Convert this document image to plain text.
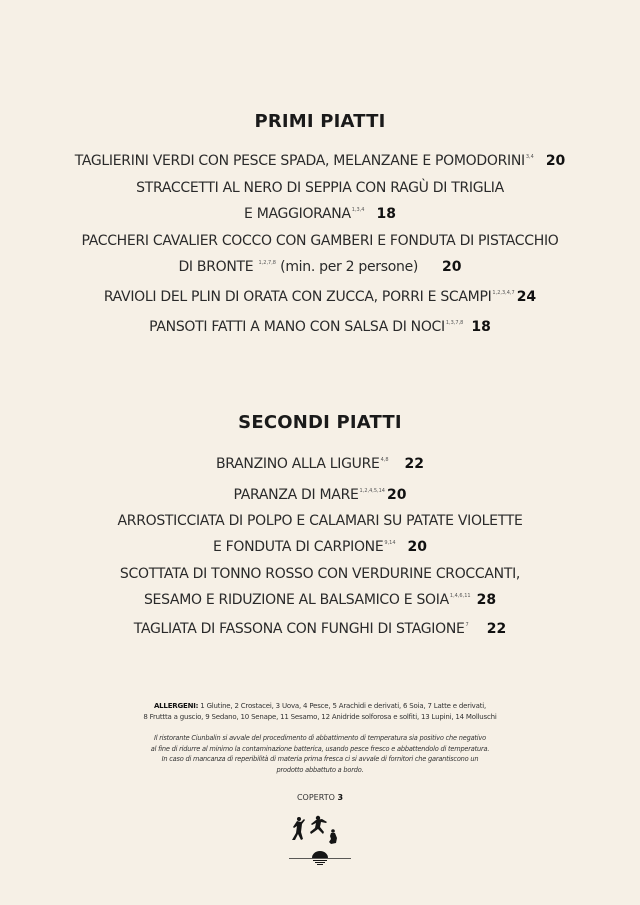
PRIMI PIATTI
TAGLIERINI VERDI CON PESCE SPADA, MELANZANE E POMODORINI$^{3,4}$ 20
STRACCETTI AL NERO DI SEPPIA CON RAGÙ DI TRIGLIA
E MAGGIORANA$^{1,3,4}$ 18
PACCHERI CAVALIER COCCO CON GAMBERI E FONDUTA DI PISTACCHIO
DI BRONTE $^{1,2,7,8}$ (min. per 2 persone) 20
RAVIOLI DEL PLIN DI ORATA CON ZUCCA, PORRI E SCAMPI$^{1,2,3,4,7}$ 24
PANSOTI FATTI A MANO CON SALSA DI NOCI$^{1,3,7,8}$ 18
SECONDI PIATTI
BRANZINO ALLA LIGURE$^{4,8}$ 22
PARANZA DI MARE$^{1,2,4,5,14}$ 20
ARROSTICCIATA DI POLPO E CALAMARI SU PATATE VIOLETTE
E FONDUTA DI CARPIONE$^{9,14}$ 20
SCOTTATA DI TONNO ROSSO CON VERDURINE CROCCANTI,
SESAMO E RIDUZIONE AL BALSAMICO E SOIA$^{1,4,6,11}$ 28
TAGLIATA DI FASSONA CON FUNGHI DI STAGIONE$^7$ 22
ALLERGENI: 1 Glutine, 2 Crostacei, 3 Uova, 4 Pesce, 5 Arachidi e derivati, 6 Soia, 7 Latte e derivati,
8 Fruttta a guscio, 9 Sedano, 10 Senape, 11 Sesamo, 12 Anidride solforosa e solfiti, 13 Lupini, 14 Molluschi
Il ristorante Ciunbalin si avvale del procedimento di abbattimento di temperatura sia positivo che negativo
al fine di ridurre al minimo la contaminazione batterica, usando pesce fresco e abbattendolo di temperatura.
In caso di mancanza di reperibilità di materia prima fresca ci si avvale di fornitori che garantiscono un
prodotto abbattuto a bordo.
COPERTO 3
